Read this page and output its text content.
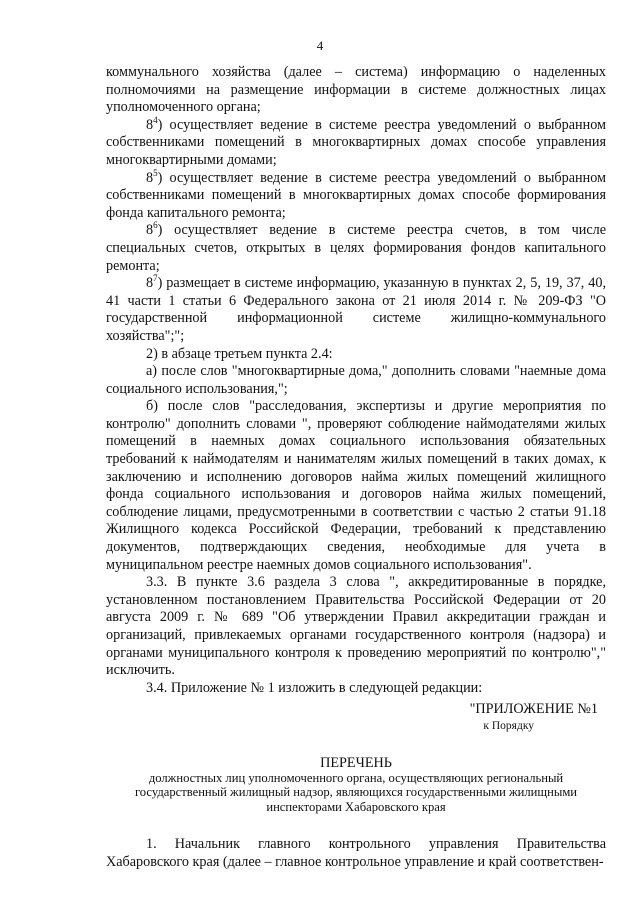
4

коммунального хозяйства (далее – система) информацию о наделенных полномочиями на размещение информации в системе должностных лицах уполномоченного органа;

$8^4$) осуществляет ведение в системе реестра уведомлений о выбранном собственниками помещений в многоквартирных домах способе управления многоквартирными домами;

$8^5$) осуществляет ведение в системе реестра уведомлений о выбранном собственниками помещений в многоквартирных домах способе формирования фонда капитального ремонта;

$8^6$) осуществляет ведение в системе реестра счетов, в том числе специальных счетов, открытых в целях формирования фондов капитального ремонта;

$8^7$) размещает в системе информацию, указанную в пунктах 2, 5, 19, 37, 40, 41 части 1 статьи 6 Федерального закона от 21 июля 2014 г. № 209-ФЗ "О государственной информационной системе жилищно-коммунального хозяйства";";

2) в абзаце третьем пункта 2.4:

а) после слов "многоквартирные дома," дополнить словами "наемные дома социального использования,";

б) после слов "расследования, экспертизы и другие мероприятия по контролю" дополнить словами ", проверяют соблюдение наймодателями жилых помещений в наемных домах социального использования обязательных требований к наймодателям и нанимателям жилых помещений в таких домах, к заключению и исполнению договоров найма жилых помещений жилищного фонда социального использования и договоров найма жилых помещений, соблюдение лицами, предусмотренными в соответствии с частью 2 статьи 91.18 Жилищного кодекса Российской Федерации, требований к представлению документов, подтверждающих сведения, необходимые для учета в муниципальном реестре наемных домов социального использования".

3.3. В пункте 3.6 раздела 3 слова ", аккредитированные в порядке, установленном постановлением Правительства Российской Федерации от 20 августа 2009 г. № 689 "Об утверждении Правил аккредитации граждан и организаций, привлекаемых органами государственного контроля (надзора) и органами муниципального контроля к проведению мероприятий по контролю"," исключить.

3.4. Приложение № 1 изложить в следующей редакции:

"ПРИЛОЖЕНИЕ №1

к Порядку

ПЕРЕЧЕНЬ

должностных лиц уполномоченного органа, осуществляющих региональный государственный жилищный надзор, являющихся государственными жилищными инспекторами Хабаровского края

1. Начальник главного контрольного управления Правительства Хабаровского края (далее – главное контрольное управление и край соответствен-
